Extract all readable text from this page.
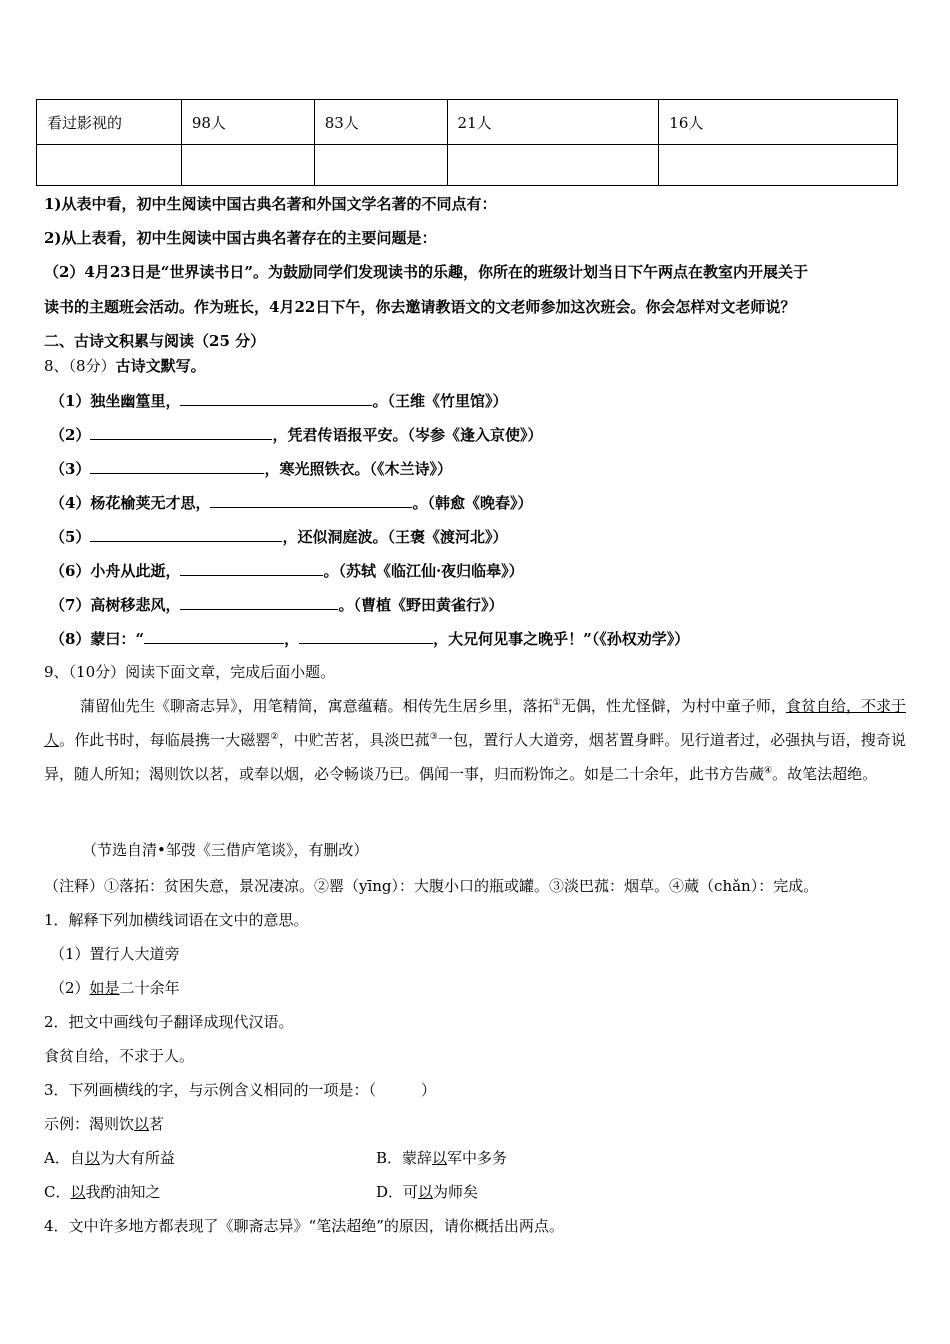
看过影视的	98人	83人	21人	16人

1)从表中看，初中生阅读中国古典名著和外国文学名著的不同点有：
2)从上表看，初中生阅读中国古典名著存在的主要问题是：
（2）4月23日是“世界读书日”。为鼓励同学们发现读书的乐趣，你所在的班级计划当日下午两点在教室内开展关于
读书的主题班会活动。作为班长，4月22日下午，你去邀请教语文的文老师参加这次班会。你会怎样对文老师说？
二、古诗文积累与阅读（25 分）
8、（8分）古诗文默写。
（1）独坐幽篁里，	。（王维《竹里馆》）
（2）	，凭君传语报平安。（岑参《逢入京使》）
（3）	，寒光照铁衣。（《木兰诗》）
（4）杨花榆荚无才思，	。（韩愈《晚春》）
（5）	，还似洞庭波。（王褒《渡河北》）
（6）小舟从此逝，	。（苏轼《临江仙·夜归临皋》）
（7）高树移悲风，	。（曹植《野田黄雀行》）
（8）蒙曰：“	，	，大兄何见事之晚乎！”（《孙权劝学》）
9、（10分）阅读下面文章，完成后面小题。
蒲留仙先生《聊斋志异》，用笔精简，寓意蕴藉。相传先生居乡里，落拓①无偶，性尤怪僻，为村中童子师，食贫自给，不求于人。作此书时，每临晨携一大磁罂②，中贮苦茗，具淡巴菰③一包，置行人大道旁，烟茗置身畔。见行道者过，必强执与语，搜奇说异，随人所知；渴则饮以茗，或奉以烟，必令畅谈乃已。偶闻一事，归而粉饰之。如是二十余年，此书方告蒇④。故笔法超绝。
（节选自清•邹弢《三借庐笔谈》，有删改）
（注释）①落拓：贫困失意，景况凄凉。②罂（yīng）：大腹小口的瓶或罐。③淡巴菰：烟草。④蒇（chǎn）：完成。
1．解释下列加横线词语在文中的意思。
（1）置行人大道旁
（2）如是二十余年
2．把文中画线句子翻译成现代汉语。
食贫自给，不求于人。
3．下列画横线的字，与示例含义相同的一项是：（　　　）
示例：渴则饮以茗
A．自以为大有所益	B．蒙辞以军中多务
C．以我酌油知之	D．可以为师矣
4．文中许多地方都表现了《聊斋志异》“笔法超绝”的原因，请你概括出两点。
